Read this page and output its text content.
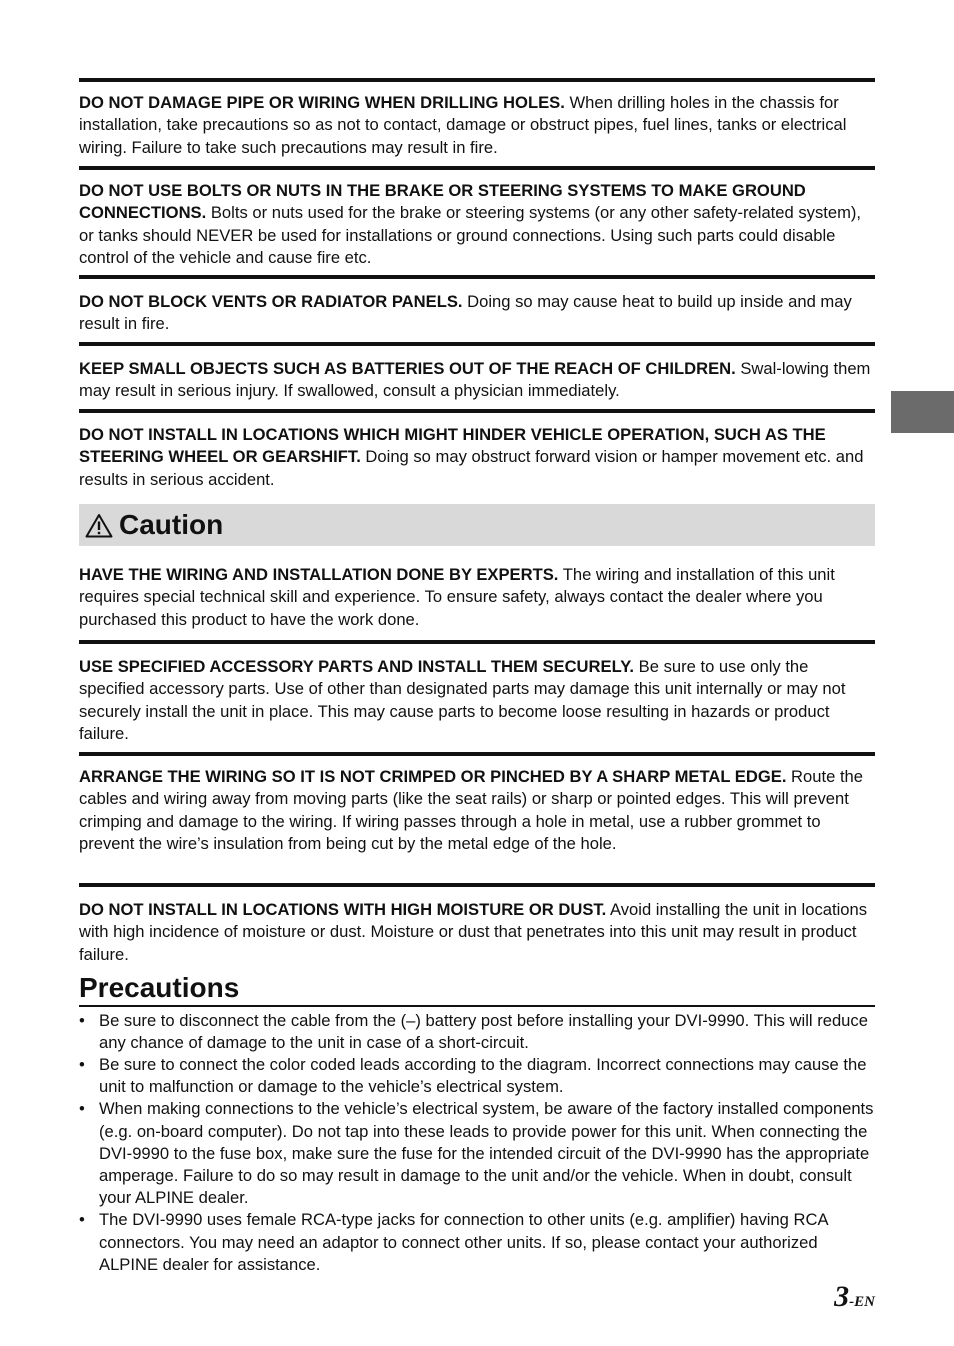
DO NOT DAMAGE PIPE OR WIRING WHEN DRILLING HOLES. When drilling holes in the chassis for installation, take precautions so as not to contact, damage or obstruct pipes, fuel lines, tanks or electrical wiring. Failure to take such precautions may result in fire.

DO NOT USE BOLTS OR NUTS IN THE BRAKE OR STEERING SYSTEMS TO MAKE GROUND CONNECTIONS. Bolts or nuts used for the brake or steering systems (or any other safety-related system), or tanks should NEVER be used for installations or ground connections. Using such parts could disable control of the vehicle and cause fire etc.

DO NOT BLOCK VENTS OR RADIATOR PANELS. Doing so may cause heat to build up inside and may result in fire.

KEEP SMALL OBJECTS SUCH AS BATTERIES OUT OF THE REACH OF CHILDREN. Swal-lowing them may result in serious injury. If swallowed, consult a physician immediately.

DO NOT INSTALL IN LOCATIONS WHICH MIGHT HINDER VEHICLE OPERATION, SUCH AS THE STEERING WHEEL OR GEARSHIFT. Doing so may obstruct forward vision or hamper movement etc. and results in serious accident.

Caution

HAVE THE WIRING AND INSTALLATION DONE BY EXPERTS. The wiring and installation of this unit requires special technical skill and experience. To ensure safety, always contact the dealer where you purchased this product to have the work done.

USE SPECIFIED ACCESSORY PARTS AND INSTALL THEM SECURELY. Be sure to use only the specified accessory parts. Use of other than designated parts may damage this unit internally or may not securely install the unit in place. This may cause parts to become loose resulting in hazards or product failure.

ARRANGE THE WIRING SO IT IS NOT CRIMPED OR PINCHED BY A SHARP METAL EDGE. Route the cables and wiring away from moving parts (like the seat rails) or sharp or pointed edges. This will prevent crimping and damage to the wiring. If wiring passes through a hole in metal, use a rubber grommet to prevent the wire’s insulation from being cut by the metal edge of the hole.

DO NOT INSTALL IN LOCATIONS WITH HIGH MOISTURE OR DUST. Avoid installing the unit in locations with high incidence of moisture or dust. Moisture or dust that penetrates into this unit may result in product failure.

Precautions
• Be sure to disconnect the cable from the (–) battery post before installing your DVI-9990. This will reduce any chance of damage to the unit in case of a short-circuit.
• Be sure to connect the color coded leads according to the diagram. Incorrect connections may cause the unit to malfunction or damage to the vehicle’s electrical system.
• When making connections to the vehicle’s electrical system, be aware of the factory installed components (e.g. on-board computer). Do not tap into these leads to provide power for this unit. When connecting the DVI-9990 to the fuse box, make sure the fuse for the intended circuit of the DVI-9990 has the appropriate amperage. Failure to do so may result in damage to the unit and/or the vehicle. When in doubt, consult your ALPINE dealer.
• The DVI-9990 uses female RCA-type jacks for connection to other units (e.g. amplifier) having RCA connectors. You may need an adaptor to connect other units. If so, please contact your authorized ALPINE dealer for assistance.
3-EN
